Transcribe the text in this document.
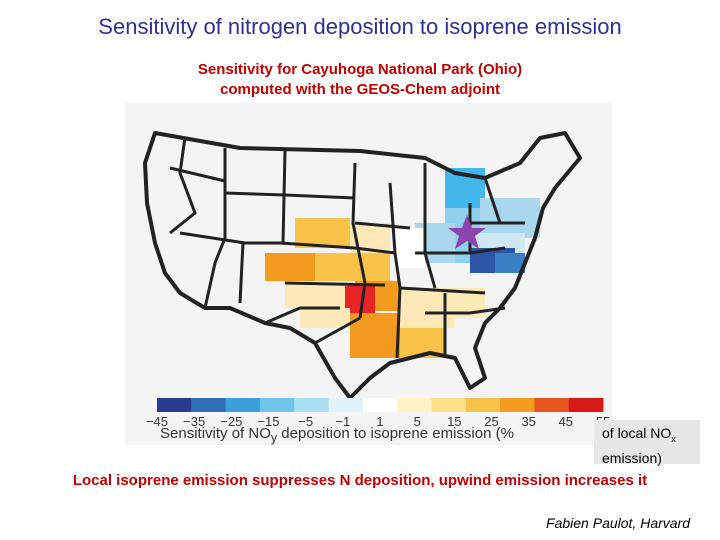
Sensitivity of nitrogen deposition to isoprene emission
Sensitivity for Cayuhoga National Park (Ohio)
computed with the GEOS-Chem adjoint
−45 −35 −25 −15 −5 −1 1 5 15 25 35 45
Sensitivity of $NO_y$ deposition to isoprene emission (%	of local $NO_x$
emission)
Local isoprene emission suppresses N deposition, upwind emission increases it
Fabien Paulot, Harvard
